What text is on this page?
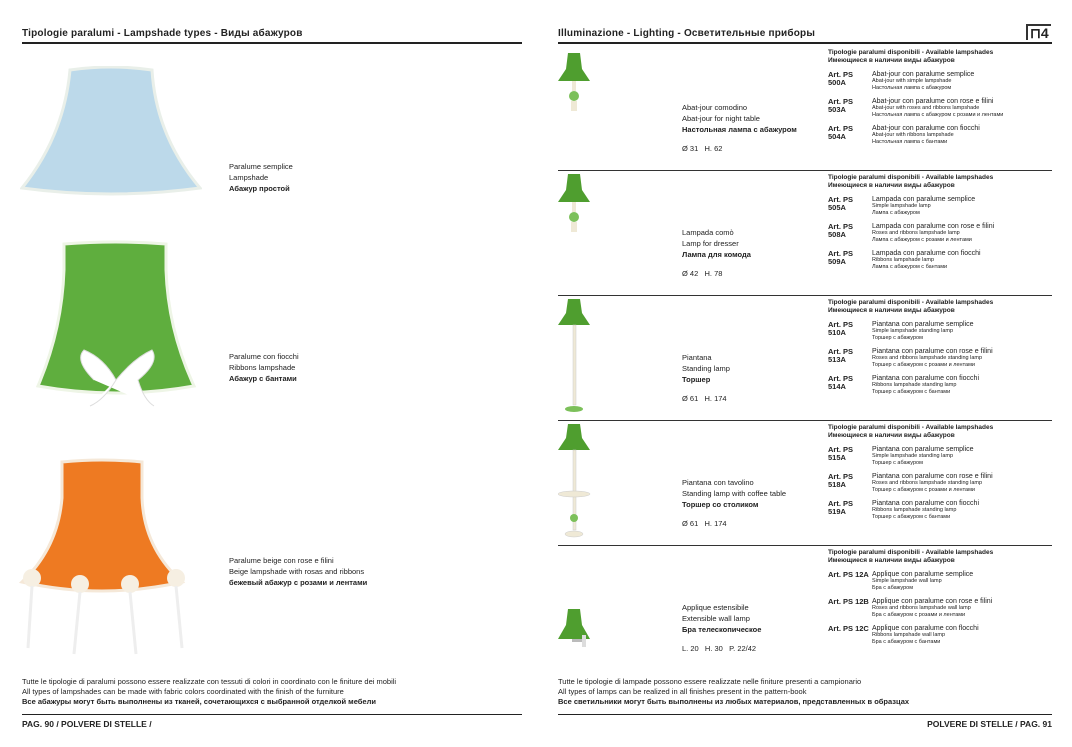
Tipologie paralumi - Lampshade types - Виды абажуров	Illuminazione - Lighting - Осветительные приборы	⊓4
Paralume semplice
Lampshade
Абажур простой
Paralume con fiocchi
Ribbons lampshade
Абажур с бантами
Paralume beige con rose e filini
Beige lampshade with rosas and ribbons
бежевый абажур с розами и лентами
Tutte le tipologie di paralumi possono essere realizzate con tessuti di colori in coordinato con le finiture dei mobili
All types of lampshades can be made with fabric colors coordinated with the finish of the furniture
Все абажуры могут быть выполнены из тканей, сочетающихся с выбранной отделкой мебели
Tutte le tipologie di lampade possono essere realizzate nelle finiture presenti a campionario
All types of lamps can be realized in all finishes present in the pattern-book
Все светильники могут быть выполнены из любых материалов, представленных в образцах
Abat-jour comodino
Abat-jour for night table
Настольная лампа с абажуром
Ø 31   H. 62
Tipologie paralumi disponibili - Available lampshades
Имеющиеся в наличии виды абажуров
Art. PS 500A
Abat-jour con paralume semplice
Abat-jour with simple lampshade
Настольная лампа с абажуром
Art. PS 503A
Abat-jour con paralume con rose e filini
Abat-jour with roses and ribbons lampshade
Настольная лампа с абажуром с розами и лентами
Art. PS 504A
Abat-jour con paralume con fiocchi
Abat-jour with ribbons lampshade
Настольная лампа с бантами
Lampada comò
Lamp for dresser
Лампа для комода
Ø 42   H. 78
Tipologie paralumi disponibili - Available lampshades
Имеющиеся в наличии виды абажуров
Art. PS 505A
Lampada con paralume semplice
Simple lampshade lamp
Лампа с абажуром
Art. PS 508A
Lampada con paralume con rose e filini
Roses and ribbons lampshade lamp
Лампа с абажуром с розами и лентами
Art. PS 509A
Lampada con paralume con fiocchi
Ribbons lampshade lamp
Лампа с абажуром с бантами
Piantana
Standing lamp
Торшер
Ø 61   H. 174
Tipologie paralumi disponibili - Available lampshades
Имеющиеся в наличии виды абажуров
Art. PS 510A
Piantana con paralume semplice
Simple lampshade standing lamp
Торшер с абажуром
Art. PS 513A
Piantana con paralume con rose e filini
Roses and ribbons lampshade standing lamp
Торшер с абажуром с розами и лентами
Art. PS 514A
Piantana con paralume con fiocchi
Ribbons lampshade standing lamp
Торшер с абажуром с бантами
Piantana con tavolino
Standing lamp with coffee table
Торшер со столиком
Ø 61   H. 174
Tipologie paralumi disponibili - Available lampshades
Имеющиеся в наличии виды абажуров
Art. PS 515A
Piantana con paralume semplice
Simple lampshade standing lamp
Торшер с абажуром
Art. PS 518A
Piantana con paralume con rose e filini
Roses and ribbons lampshade standing lamp
Торшер с абажуром с розами и лентами
Art. PS 519A
Piantana con paralume con fiocchi
Ribbons lampshade standing lamp
Торшер с абажуром с бантами
Applique estensibile
Extensible wall lamp
Бра телескопическое
L. 20   H. 30   P. 22/42
Tipologie paralumi disponibili - Available lampshades
Имеющиеся в наличии виды абажуров
Art. PS 12A Applique con paralume semplice
Simple lampshade wall lamp
Бра с абажуром
Art. PS 12B Applique con paralume con rose e filini
Roses and ribbons lampshade wall lamp
Бра с абажуром с розами и лентами
Art. PS 12C Applique con paralume con flocchi
Ribbons lampshade wall lamp
Бра с абажуром с бантами
PAG. 90 / POLVERE DI STELLE /	POLVERE DI STELLE / PAG. 91
